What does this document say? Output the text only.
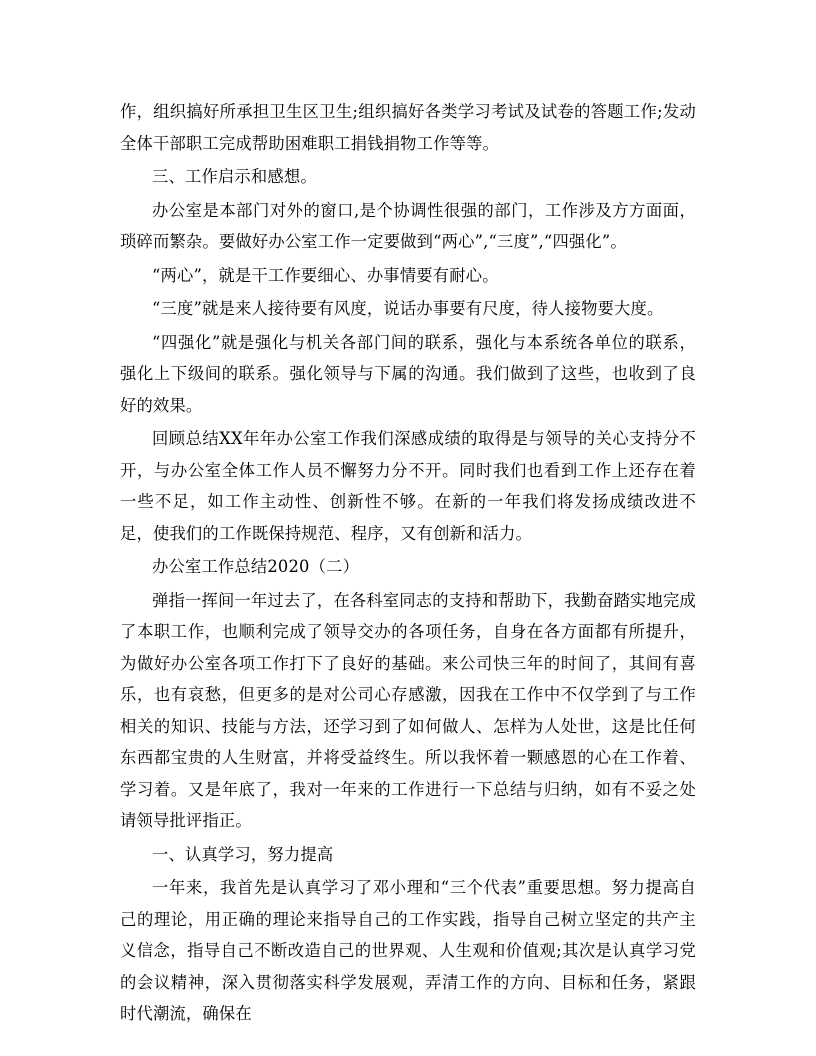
作，组织搞好所承担卫生区卫生;组织搞好各类学习考试及试卷的答题工作;发动全体干部职工完成帮助困难职工捐钱捐物工作等等。

三、工作启示和感想。

办公室是本部门对外的窗口,是个协调性很强的部门，工作涉及方方面面，琐碎而繁杂。要做好办公室工作一定要做到“两心”,“三度”,“四强化”。

“两心”，就是干工作要细心、办事情要有耐心。

“三度”就是来人接待要有风度，说话办事要有尺度，待人接物要大度。

“四强化”就是强化与机关各部门间的联系，强化与本系统各单位的联系，强化上下级间的联系。强化领导与下属的沟通。我们做到了这些，也收到了良好的效果。

回顾总结XX年年办公室工作我们深感成绩的取得是与领导的关心支持分不开，与办公室全体工作人员不懈努力分不开。同时我们也看到工作上还存在着一些不足，如工作主动性、创新性不够。在新的一年我们将发扬成绩改进不足，使我们的工作既保持规范、程序，又有创新和活力。

办公室工作总结2020（二）

弹指一挥间一年过去了，在各科室同志的支持和帮助下，我勤奋踏实地完成了本职工作，也顺利完成了领导交办的各项任务，自身在各方面都有所提升，为做好办公室各项工作打下了良好的基础。来公司快三年的时间了，其间有喜乐，也有哀愁，但更多的是对公司心存感激，因我在工作中不仅学到了与工作相关的知识、技能与方法，还学习到了如何做人、怎样为人处世，这是比任何东西都宝贵的人生财富，并将受益终生。所以我怀着一颗感恩的心在工作着、学习着。又是年底了，我对一年来的工作进行一下总结与归纳，如有不妥之处请领导批评指正。

一、认真学习，努力提高

一年来，我首先是认真学习了邓小理和“三个代表”重要思想。努力提高自己的理论，用正确的理论来指导自己的工作实践，指导自己树立坚定的共产主义信念，指导自己不断改造自己的世界观、人生观和价值观;其次是认真学习党的会议精神，深入贯彻落实科学发展观，弄清工作的方向、目标和任务，紧跟时代潮流，确保在
